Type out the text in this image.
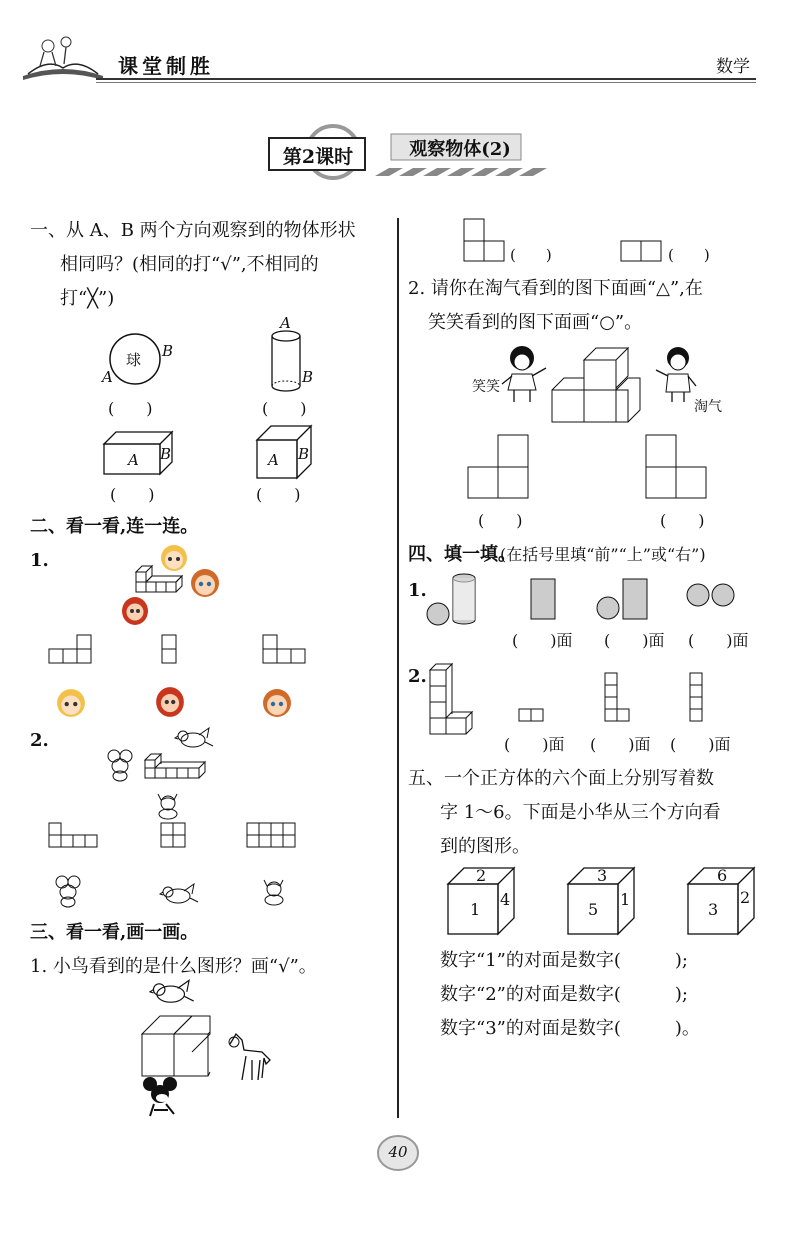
课堂制胜	数学
第2课时	观察物体(2)
一、从 A、B 两个方向观察到的物体形状
相同吗？(相同的打“√”,不相同的
打“╳”)
球
A
B
(　　)
A
B
(　　)
A B
(　　)
A B
(　　)
二、看一看,连一连。
1.
2.
三、看一看,画一画。
1. 小鸟看到的是什么图形？画“√”。
(　　)	(　　)
2. 请你在淘气看到的图下面画“△”,在
笑笑看到的图下面画“○”。
笑笑
淘气
(　　)	(　　)
四、填一填。
(在括号里填“前”“上”或“右”)
1.
(　　)面 (　　)面 (　　)面
2.
(　　)面 (　　)面 (　　)面
五、一个正方体的六个面上分别写着数
字 1～6。下面是小华从三个方向看
到的图形。
2
1
4
3
5
1
6
3
2
数字“1”的对面是数字(　　　);
数字“2”的对面是数字(　　　);
数字“3”的对面是数字(　　　)。
40
